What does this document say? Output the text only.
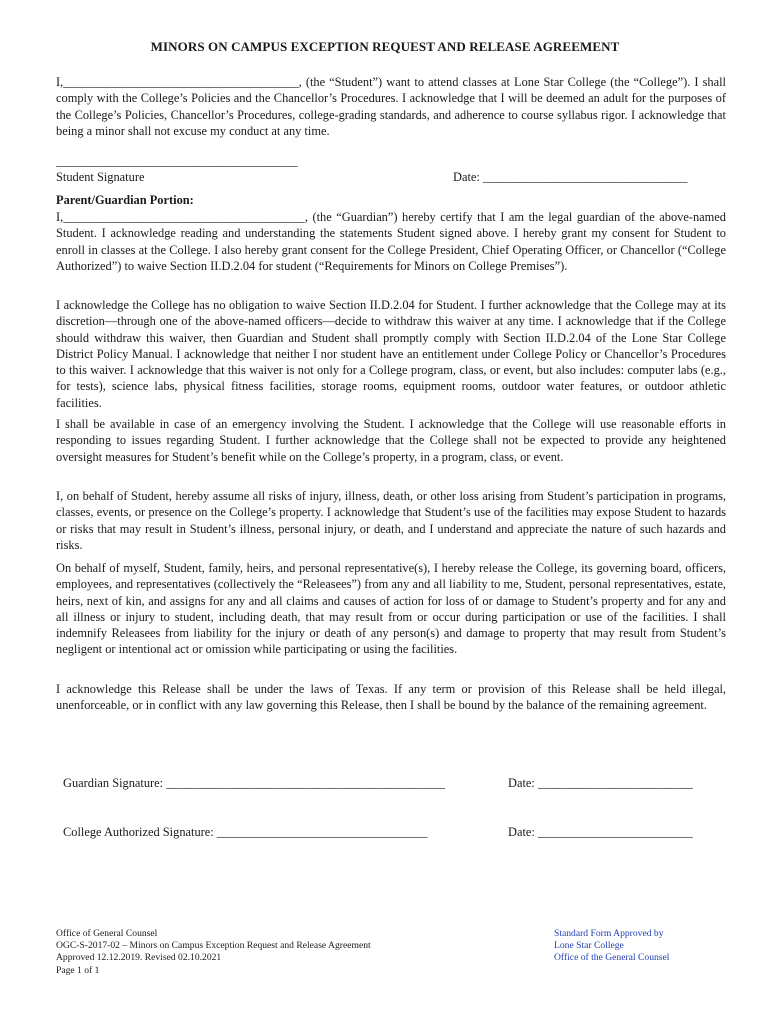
MINORS ON CAMPUS EXCEPTION REQUEST AND RELEASE AGREEMENT

I,______________________________________, (the “Student”) want to attend classes at Lone Star College (the “College”). I shall comply with the College’s Policies and the Chancellor’s Procedures. I acknowledge that I will be deemed an adult for the purposes of the College’s Policies, Chancellor’s Procedures, college-grading standards, and adherence to course syllabus rigor. I acknowledge that being a minor shall not excuse my conduct at any time.

_______________________________________
Student Signature	Date: _________________________________
Parent/Guardian Portion:

I,_______________________________________, (the “Guardian”) hereby certify that I am the legal guardian of the above-named Student. I acknowledge reading and understanding the statements Student signed above. I hereby grant my consent for Student to enroll in classes at the College. I also hereby grant consent for the College President, Chief Operating Officer, or Chancellor (“College Authorized”) to waive Section II.D.2.04 for student (“Requirements for Minors on College Premises”).

I acknowledge the College has no obligation to waive Section II.D.2.04 for Student. I further acknowledge that the College may at its discretion—through one of the above-named officers—decide to withdraw this waiver at any time. I acknowledge that if the College should withdraw this waiver, then Guardian and Student shall promptly comply with Section II.D.2.04 of the Lone Star College District Policy Manual. I acknowledge that neither I nor student have an entitlement under College Policy or Chancellor’s Procedures to this waiver. I acknowledge that this waiver is not only for a College program, class, or event, but also includes: computer labs (e.g., for tests), science labs, physical fitness facilities, storage rooms, equipment rooms, outdoor water features, or outdoor athletic facilities.

I shall be available in case of an emergency involving the Student. I acknowledge that the College will use reasonable efforts in responding to issues regarding Student. I further acknowledge that the College shall not be expected to provide any heightened oversight measures for Student’s benefit while on the College’s property, in a program, class, or event.

I, on behalf of Student, hereby assume all risks of injury, illness, death, or other loss arising from Student’s participation in programs, classes, events, or presence on the College’s property. I acknowledge that Student’s use of the facilities may expose Student to hazards or risks that may result in Student’s illness, personal injury, or death, and I understand and appreciate the nature of such hazards and risks.

On behalf of myself, Student, family, heirs, and personal representative(s), I hereby release the College, its governing board, officers, employees, and representatives (collectively the “Releasees”) from any and all liability to me, Student, personal representatives, estate, heirs, next of kin, and assigns for any and all claims and causes of action for loss of or damage to Student’s property and for any and all illness or injury to student, including death, that may result from or occur during participation or use of the facilities. I shall indemnify Releasees from liability for the injury or death of any person(s) and damage to property that may result from Student’s negligent or intentional act or omission while participating or using the facilities.

I acknowledge this Release shall be under the laws of Texas. If any term or provision of this Release shall be held illegal, unenforceable, or in conflict with any law governing this Release, then I shall be bound by the balance of the remaining agreement.

Guardian Signature: _____________________________________________	Date: _________________________
College Authorized Signature: __________________________________	Date: _________________________
Office of General Counsel
OGC-S-2017-02 – Minors on Campus Exception Request and Release Agreement
Approved 12.12.2019. Revised 02.10.2021
Page 1 of 1
Standard Form Approved by
Lone Star College
Office of the General Counsel
